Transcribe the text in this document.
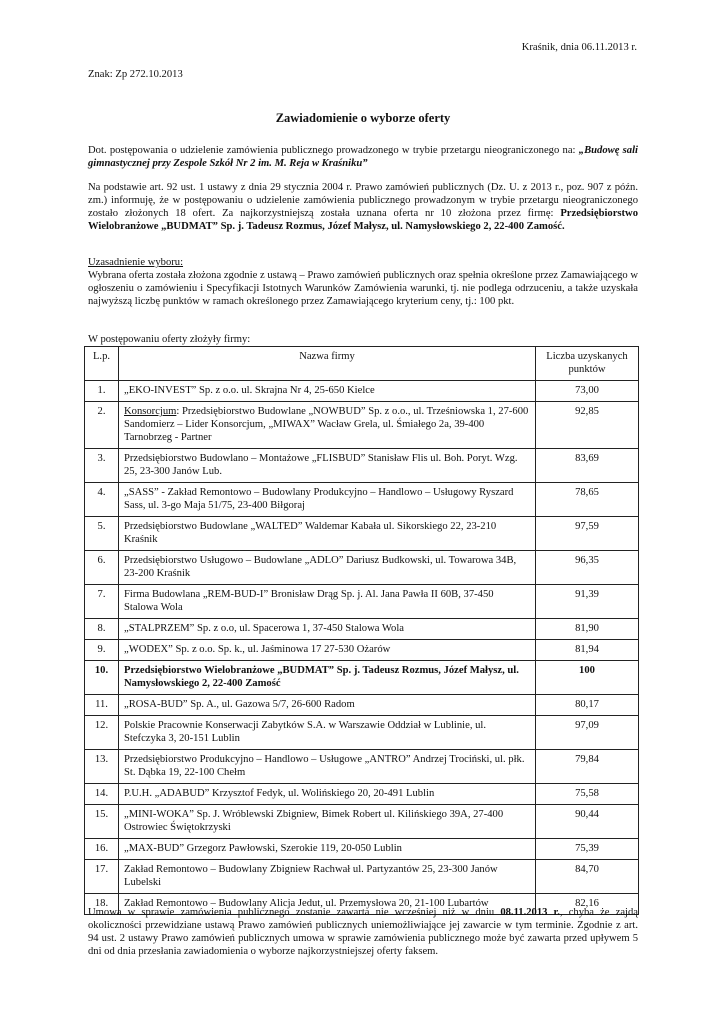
Kraśnik, dnia 06.11.2013 r.
Znak: Zp 272.10.2013
Zawiadomienie o wyborze oferty
Dot. postępowania o udzielenie zamówienia publicznego prowadzonego w trybie przetargu nieograniczonego na: „Budowę sali gimnastycznej przy Zespole Szkół Nr 2 im. M. Reja w Kraśniku”
Na podstawie art. 92 ust. 1 ustawy z dnia 29 stycznia 2004 r. Prawo zamówień publicznych (Dz. U. z 2013 r., poz. 907 z późn. zm.) informuję, że w postępowaniu o udzielenie zamówienia publicznego prowadzonym w trybie przetargu nieograniczonego zostało złożonych 18 ofert. Za najkorzystniejszą została uznana oferta nr 10 złożona przez firmę: Przedsiębiorstwo Wielobranżowe „BUDMAT” Sp. j. Tadeusz Rozmus, Józef Małysz, ul. Namysłowskiego 2, 22-400 Zamość.
Uzasadnienie wyboru:
Wybrana oferta została złożona zgodnie z ustawą – Prawo zamówień publicznych oraz spełnia określone przez Zamawiającego w ogłoszeniu o zamówieniu i Specyfikacji Istotnych Warunków Zamówienia warunki, tj. nie podlega odrzuceniu, a także uzyskała najwyższą liczbę punktów w ramach określonego przez Zamawiającego kryterium ceny, tj.: 100 pkt.
W postępowaniu oferty złożyły firmy:
L.p.	Nazwa firmy	Liczba uzyskanych punktów
1.	„EKO-INVEST” Sp. z o.o. ul. Skrajna Nr 4, 25-650 Kielce	73,00
2.	Konsorcjum: Przedsiębiorstwo Budowlane „NOWBUD” Sp. z o.o., ul. Trześniowska 1, 27-600 Sandomierz – Lider Konsorcjum, „MIWAX” Wacław Grela, ul. Śmiałego 2a, 39-400 Tarnobrzeg - Partner	92,85
3.	Przedsiębiorstwo Budowlano – Montażowe „FLISBUD” Stanisław Flis ul. Boh. Poryt. Wzg. 25, 23-300 Janów Lub.	83,69
4.	„SASS” - Zakład Remontowo – Budowlany Produkcyjno – Handlowo – Usługowy Ryszard Sass, ul. 3-go Maja 51/75, 23-400 Biłgoraj	78,65
5.	Przedsiębiorstwo Budowlane „WALTED” Waldemar Kabała ul. Sikorskiego 22, 23-210 Kraśnik	97,59
6.	Przedsiębiorstwo Usługowo – Budowlane „ADLO” Dariusz Budkowski, ul. Towarowa 34B, 23-200 Kraśnik	96,35
7.	Firma Budowlana „REM-BUD-I” Bronisław Drąg Sp. j. Al. Jana Pawła II 60B, 37-450 Stalowa Wola	91,39
8.	„STALPRZEM” Sp. z o.o, ul. Spacerowa 1, 37-450 Stalowa Wola	81,90
9.	„WODEX” Sp. z o.o. Sp. k., ul. Jaśminowa 17 27-530 Ożarów	81,94
10.	Przedsiębiorstwo Wielobranżowe „BUDMAT” Sp. j. Tadeusz Rozmus, Józef Małysz, ul. Namysłowskiego 2, 22-400 Zamość	100
11.	„ROSA-BUD” Sp. A., ul. Gazowa 5/7, 26-600 Radom	80,17
12.	Polskie Pracownie Konserwacji Zabytków S.A. w Warszawie Oddział w Lublinie, ul. Stefczyka 3, 20-151 Lublin	97,09
13.	Przedsiębiorstwo Produkcyjno – Handlowo – Usługowe „ANTRO” Andrzej Trociński, ul. płk. St. Dąbka 19, 22-100 Chełm	79,84
14.	P.U.H. „ADABUD” Krzysztof Fedyk, ul. Wolińskiego 20, 20-491 Lublin	75,58
15.	„MINI-WOKA” Sp. J. Wróblewski Zbigniew, Bimek Robert ul. Kilińskiego 39A, 27-400 Ostrowiec Świętokrzyski	90,44
16.	„MAX-BUD” Grzegorz Pawłowski, Szerokie 119, 20-050 Lublin	75,39
17.	Zakład Remontowo – Budowlany Zbigniew Rachwał ul. Partyzantów 25, 23-300 Janów Lubelski	84,70
18.	Zakład Remontowo – Budowlany Alicja Jedut, ul. Przemysłowa 20, 21-100 Lubartów	82,16
Umowa w sprawie zamówienia publicznego zostanie zawarta nie wcześniej niż w dniu 08.11.2013 r., chyba że zajdą okoliczności przewidziane ustawą Prawo zamówień publicznych uniemożliwiające jej zawarcie w tym terminie. Zgodnie z art. 94 ust. 2 ustawy Prawo zamówień publicznych umowa w sprawie zamówienia publicznego może być zawarta przed upływem 5 dni od dnia przesłania zawiadomienia o wyborze najkorzystniejszej oferty faksem.
